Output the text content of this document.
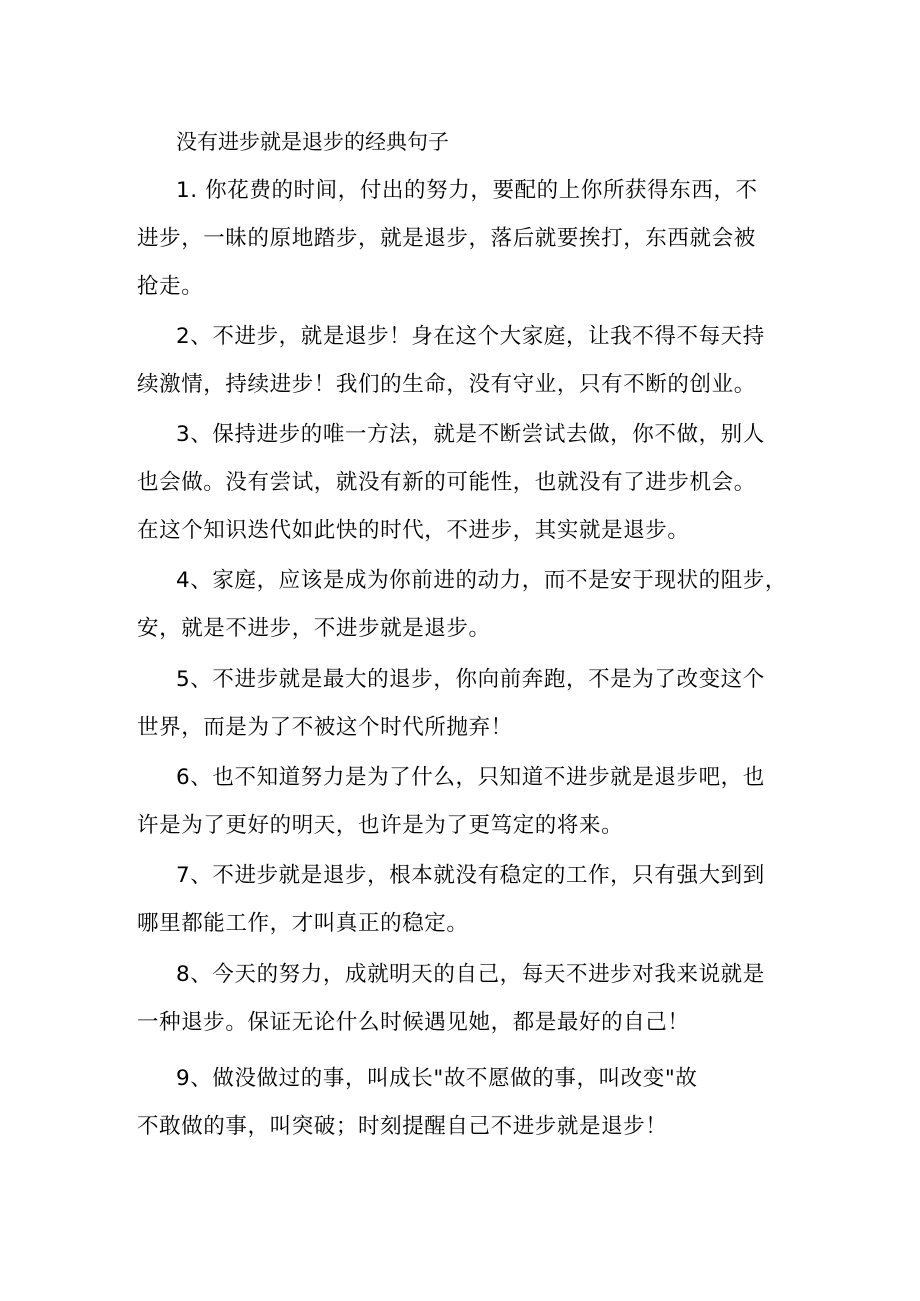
没有进步就是退步的经典句子

1. 你花费的时间，付出的努力，要配的上你所获得东西，不
进步，一昧的原地踏步，就是退步，落后就要挨打，东西就会被
抢走。

2、不进步，就是退步！身在这个大家庭，让我不得不每天持
续激情，持续进步！我们的生命，没有守业，只有不断的创业。

3、保持进步的唯一方法，就是不断尝试去做，你不做，别人
也会做。没有尝试，就没有新的可能性，也就没有了进步机会。
在这个知识迭代如此快的时代，不进步，其实就是退步。

4、家庭，应该是成为你前进的动力，而不是安于现状的阻步，
安，就是不进步，不进步就是退步。

5、不进步就是最大的退步，你向前奔跑，不是为了改变这个
世界，而是为了不被这个时代所抛弃！

6、也不知道努力是为了什么，只知道不进步就是退步吧，也
许是为了更好的明天，也许是为了更笃定的将来。

7、不进步就是退步，根本就没有稳定的工作，只有强大到到
哪里都能工作，才叫真正的稳定。

8、今天的努力，成就明天的自己，每天不进步对我来说就是
一种退步。保证无论什么时候遇见她，都是最好的自己！

9、做没做过的事，叫成长"故不愿做的事，叫改变"故
不敢做的事，叫突破；时刻提醒自己不进步就是退步！
